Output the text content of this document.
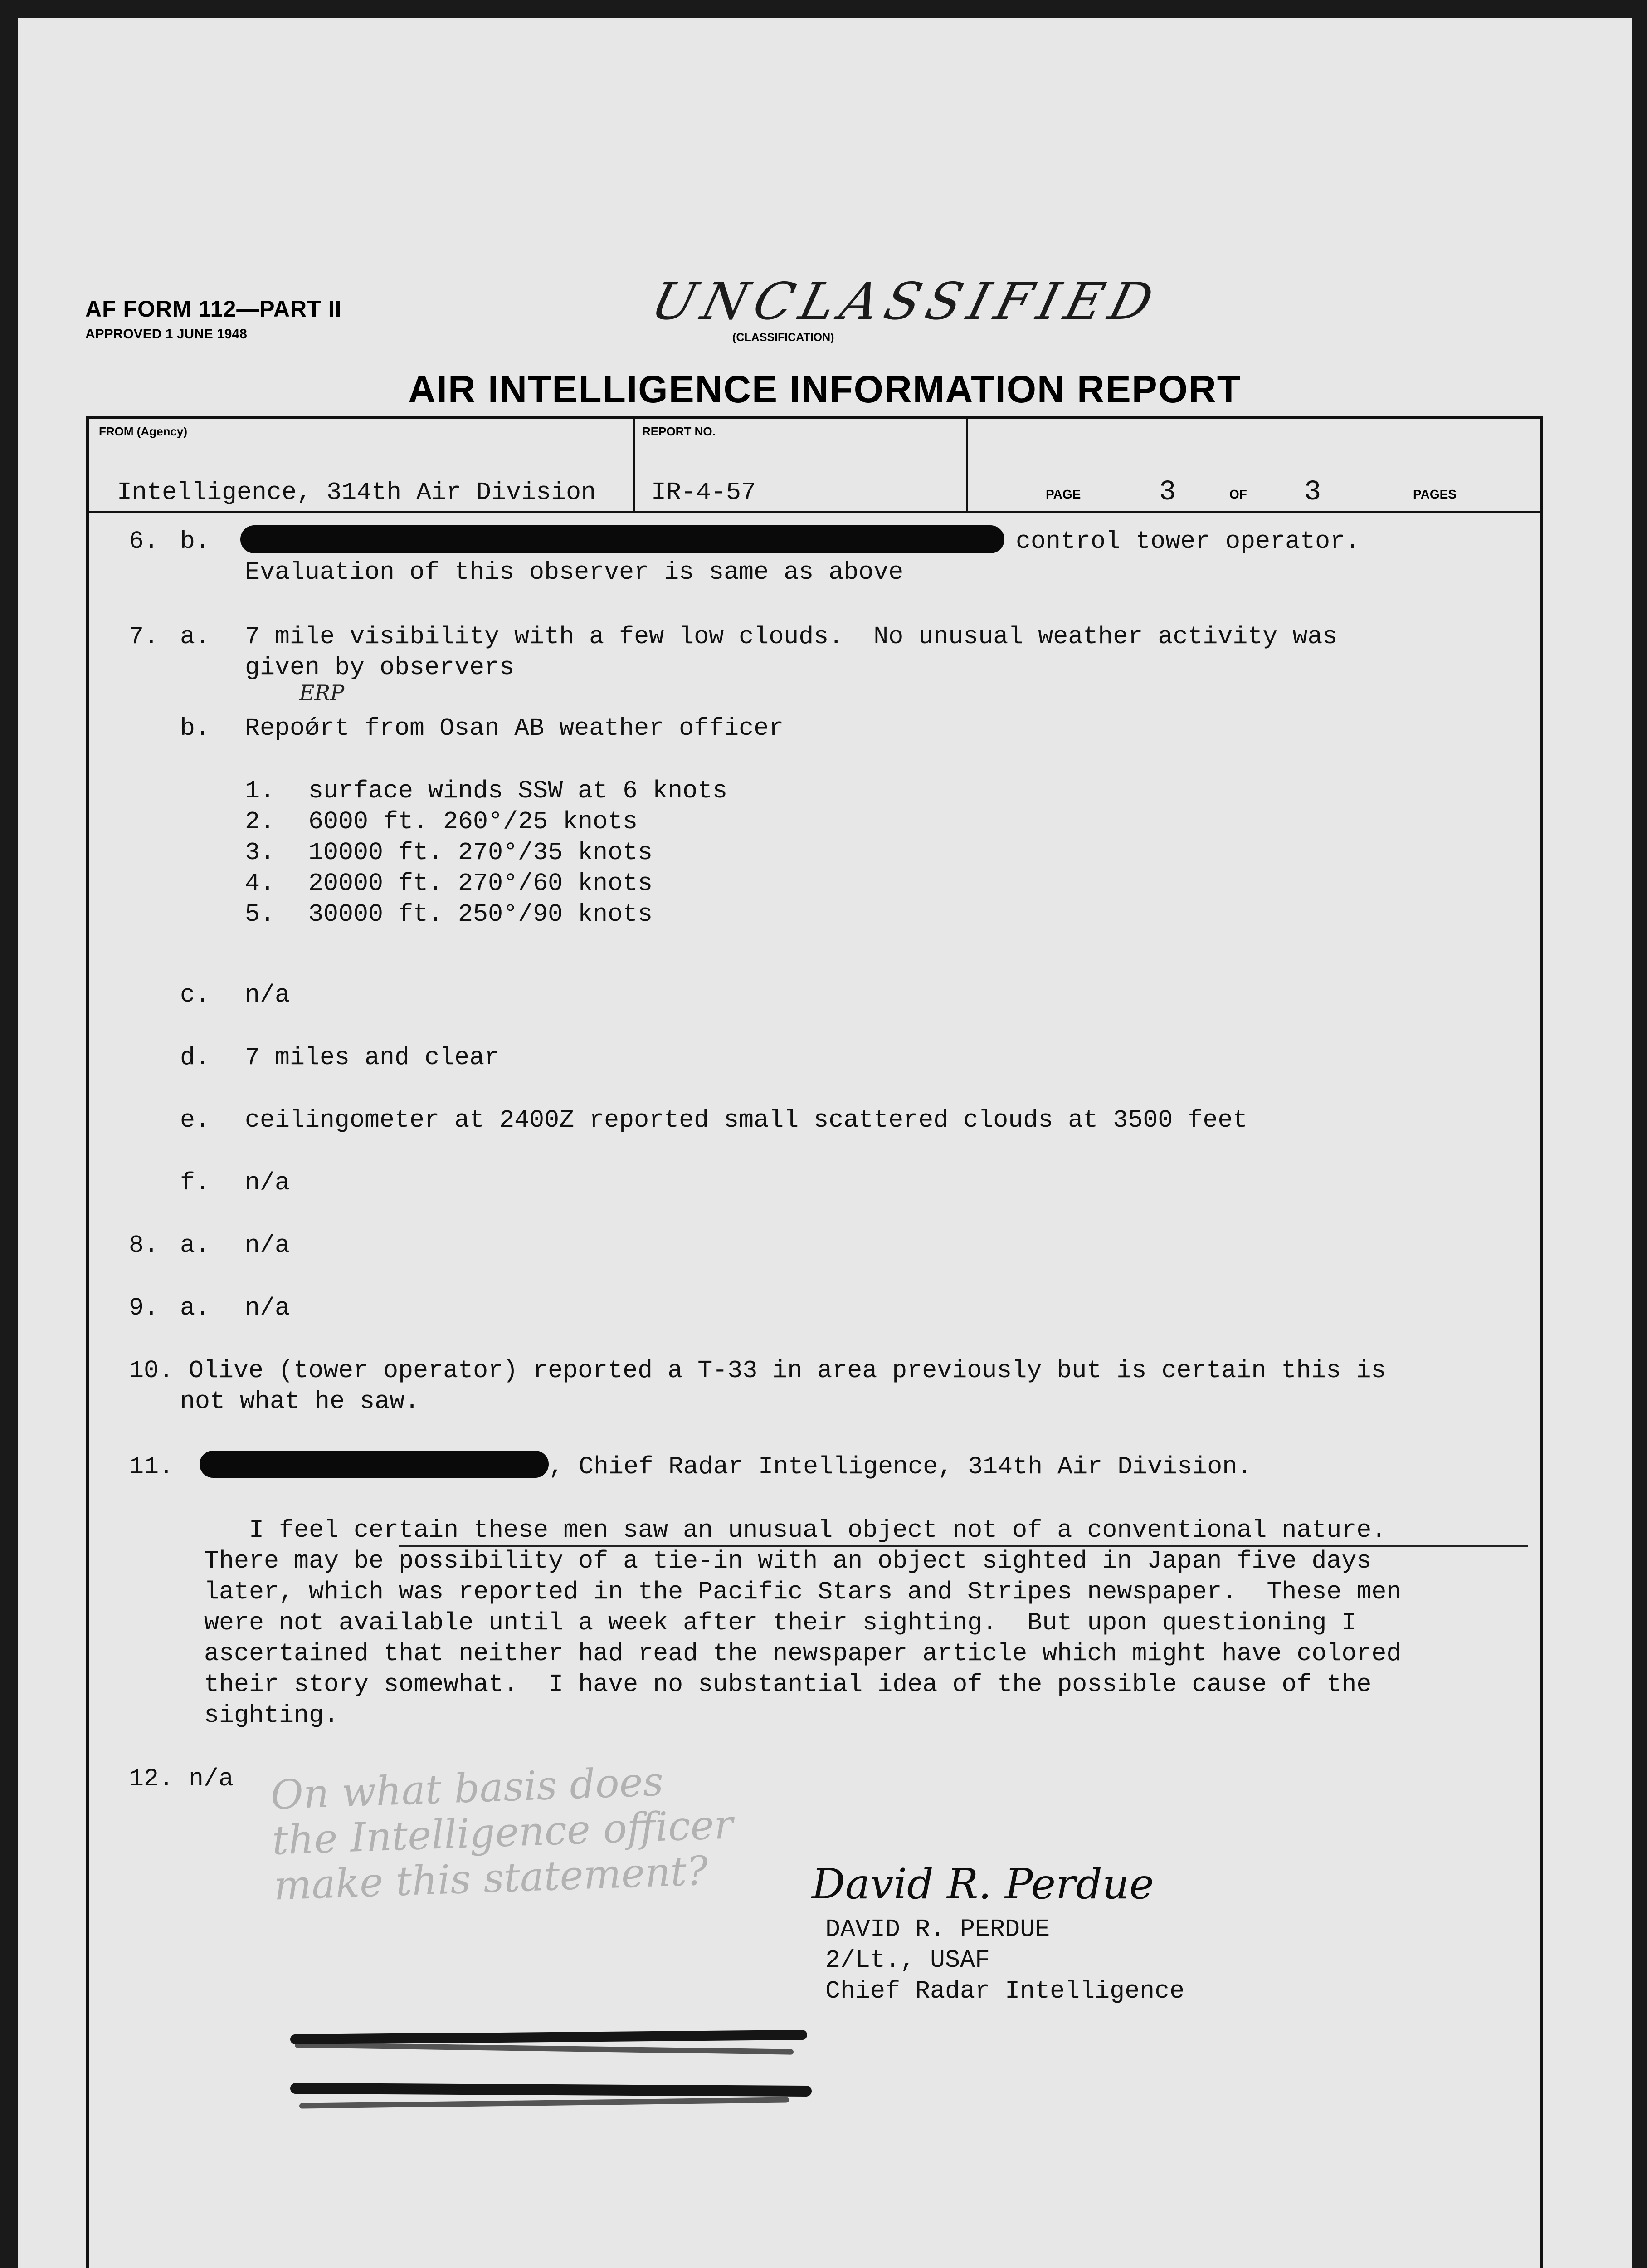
AF FORM 112—PART II
APPROVED 1 JUNE 1948
UNCLASSIFIED
(CLASSIFICATION)
AIR INTELLIGENCE INFORMATION REPORT
FROM (Agency)
Intelligence, 314th Air Division
REPORT NO.
IR-4-57	PAGE	3	OF 3	PAGES
6. b.	control tower operator.
Evaluation of this observer is same as above
7. a. 7 mile visibility with a few low clouds.  No unusual weather activity was
given by observers
ERP
b. Repoǿrt from Osan AB weather officer
1. surface winds SSW at 6 knots
2. 6000 ft. 260°/25 knots
3. 10000 ft. 270°/35 knots
4. 20000 ft. 270°/60 knots
5. 30000 ft. 250°/90 knots
c. n/a
d. 7 miles and clear
e. ceilingometer at 2400Z reported small scattered clouds at 3500 feet
f. n/a
8. a. n/a
9. a. n/a
10. Olive (tower operator) reported a T-33 in area previously but is certain this is
not what he saw.
11.	, Chief Radar Intelligence, 314th Air Division.
I feel certain these men saw an unusual object not of a conventional nature.
There may be possibility of a tie-in with an object sighted in Japan five days
later, which was reported in the Pacific Stars and Stripes newspaper.  These men
were not available until a week after their sighting.  But upon questioning I
ascertained that neither had read the newspaper article which might have colored
their story somewhat.  I have no substantial idea of the possible cause of the
sighting.
12. n/a On what basis does
the Intelligence officer
make this statement?	David R. Perdue
DAVID R. PERDUE
2/Lt., USAF
Chief Radar Intelligence
